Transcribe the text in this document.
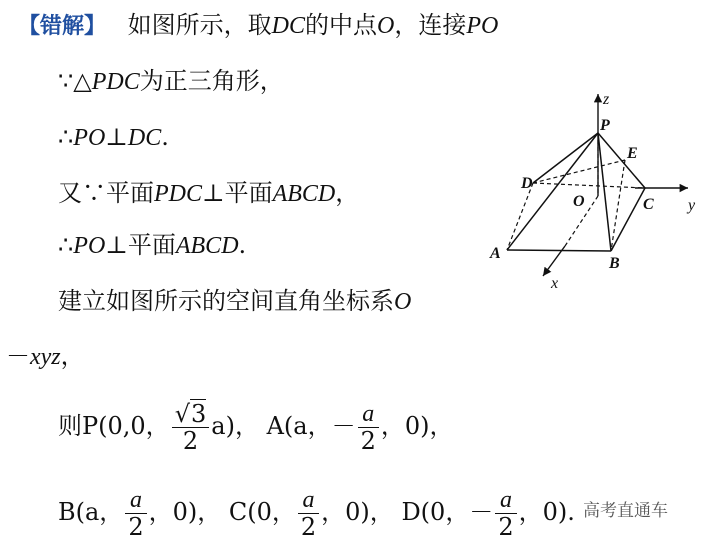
【错解】 如图所示，取DC的中点O，连接PO
∵△PDC为正三角形，
∴PO⊥DC.
又∵平面PDC⊥平面ABCD，
∴PO⊥平面ABCD.
建立如图所示的空间直角坐标系O
－xyz，
则P(0,0， $\frac{√3}{2} a$)， A(a，－ $\frac{a}{2}$ ，0)，
B(a， $\frac{a}{2}$ ，0)， C(0， $\frac{a}{2}$ ，0)， D(0，－ $\frac{a}{2}$ ，0).
z
y
x
P
E
D
O	C
A
B
高考直通车
